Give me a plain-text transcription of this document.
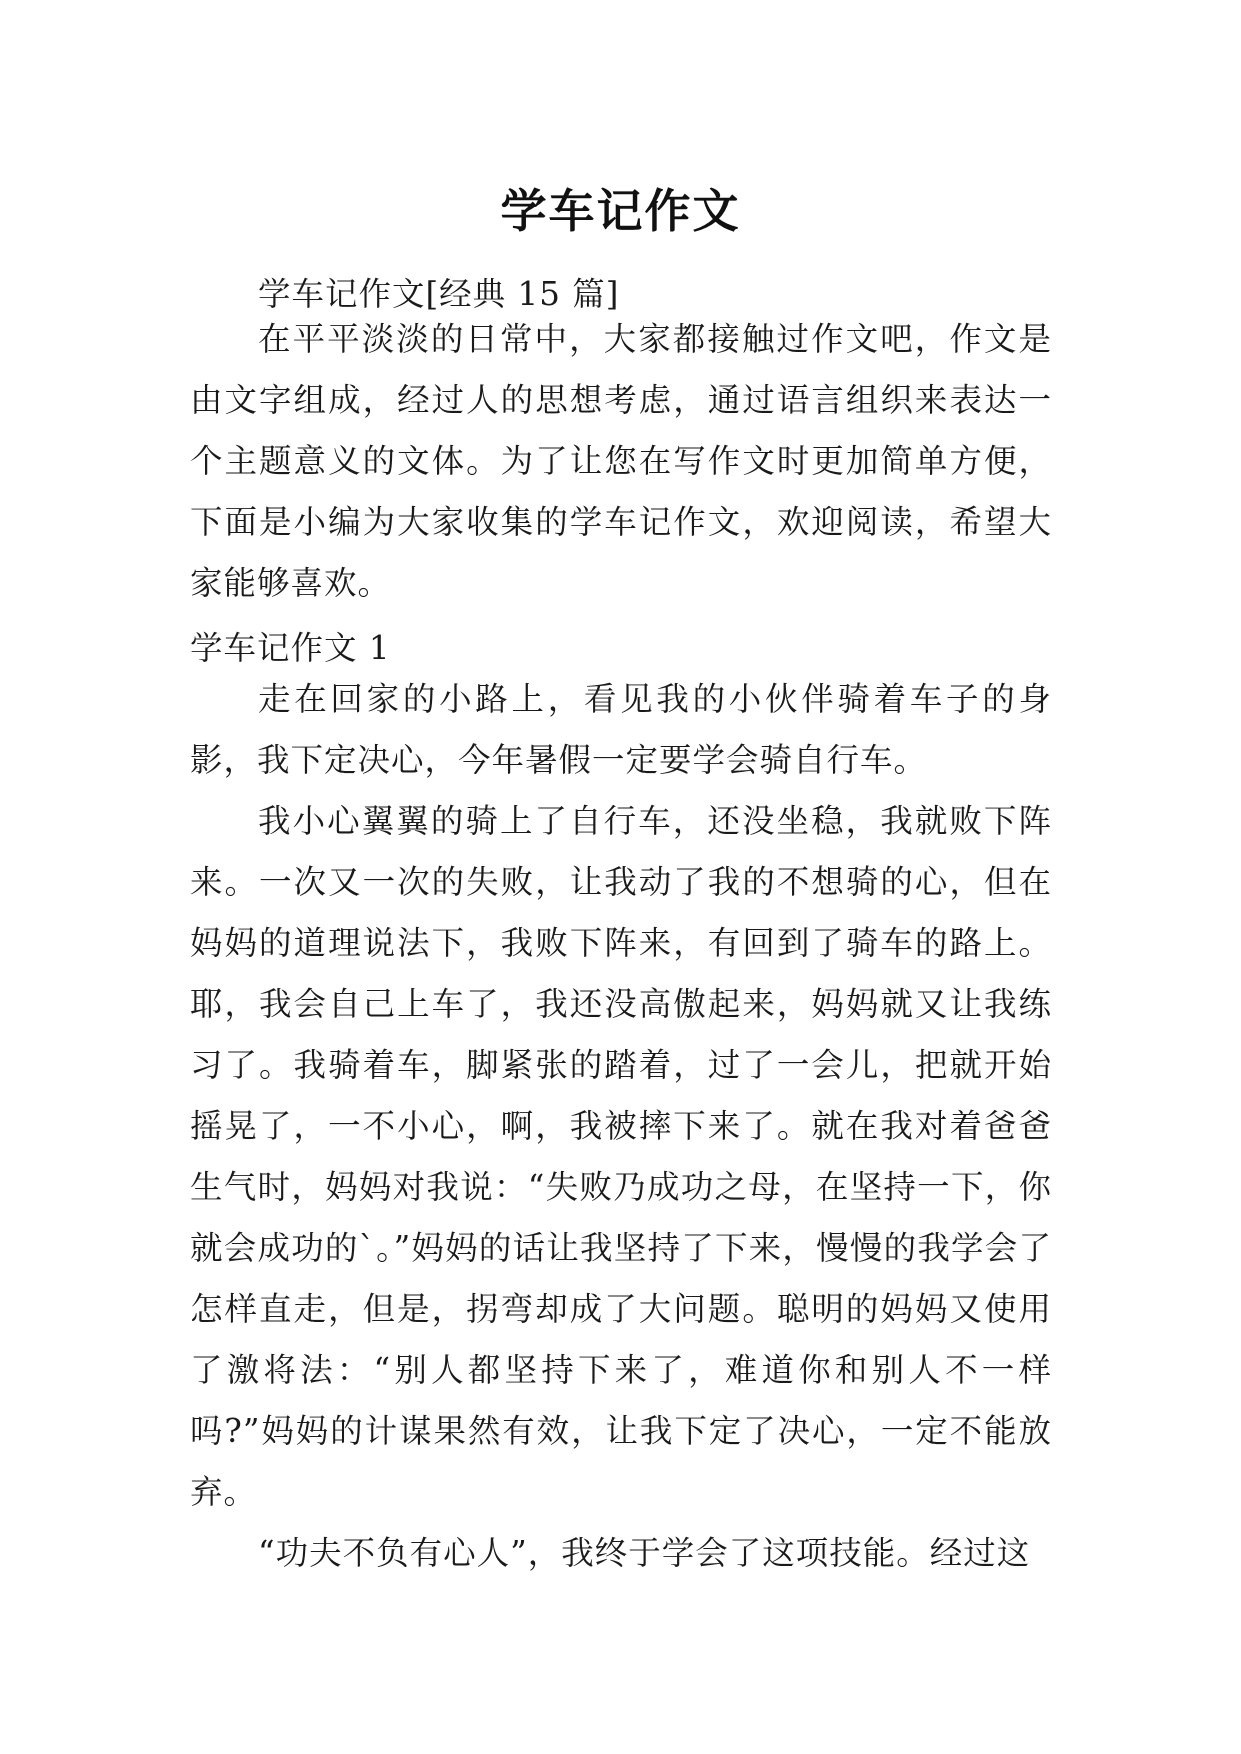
学车记作文

学车记作文[经典 15 篇]

在平平淡淡的日常中，大家都接触过作文吧，作文是由文字组成，经过人的思想考虑，通过语言组织来表达一个主题意义的文体。为了让您在写作文时更加简单方便，下面是小编为大家收集的学车记作文，欢迎阅读，希望大家能够喜欢。

学车记作文 1

走在回家的小路上，看见我的小伙伴骑着车子的身影，我下定决心，今年暑假一定要学会骑自行车。

我小心翼翼的骑上了自行车，还没坐稳，我就败下阵来。一次又一次的失败，让我动了我的不想骑的心，但在妈妈的道理说法下，我败下阵来，有回到了骑车的路上。耶，我会自己上车了，我还没高傲起来，妈妈就又让我练习了。我骑着车，脚紧张的踏着，过了一会儿，把就开始摇晃了，一不小心，啊，我被摔下来了。就在我对着爸爸生气时，妈妈对我说：“失败乃成功之母，在坚持一下，你就会成功的`。”妈妈的话让我坚持了下来，慢慢的我学会了怎样直走，但是，拐弯却成了大问题。聪明的妈妈又使用了激将法：“别人都坚持下来了，难道你和别人不一样吗?”妈妈的计谋果然有效，让我下定了决心，一定不能放弃。

“功夫不负有心人”，我终于学会了这项技能。经过这
